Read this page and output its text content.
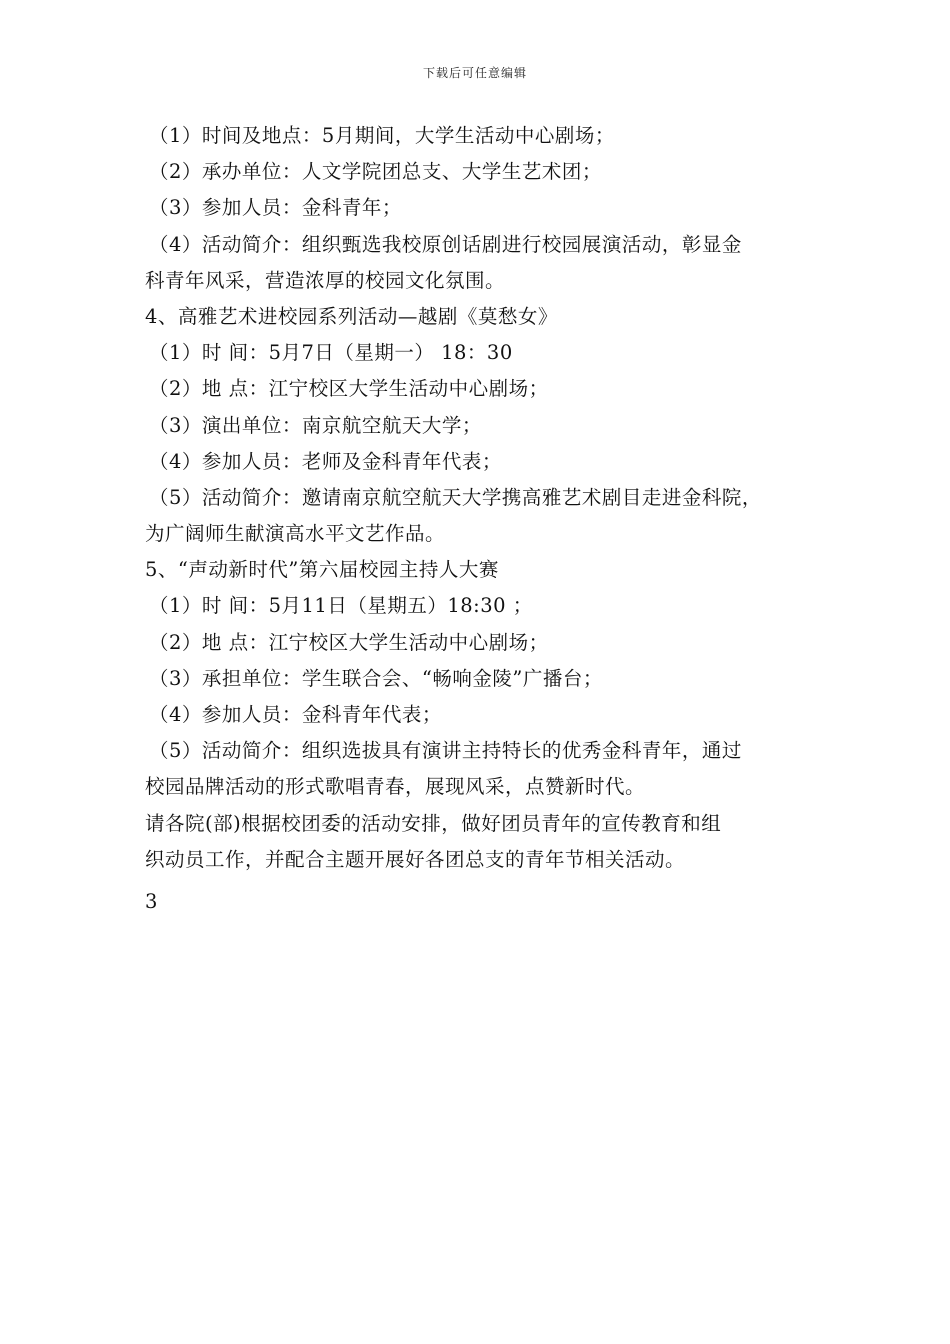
下载后可任意编辑
（1）时间及地点：5月期间，大学生活动中心剧场；
（2）承办单位：人文学院团总支、大学生艺术团；
（3）参加人员：金科青年；
（4）活动简介：组织甄选我校原创话剧进行校园展演活动，彰显金
科青年风采，营造浓厚的校园文化氛围。
4、高雅艺术进校园系列活动—越剧《莫愁女》
（1）时 间：5月7日（星期一） 18：30
（2）地 点：江宁校区大学生活动中心剧场；
（3）演出单位：南京航空航天大学；
（4）参加人员：老师及金科青年代表；
（5）活动简介：邀请南京航空航天大学携高雅艺术剧目走进金科院，
为广阔师生献演高水平文艺作品。
5、“声动新时代”第六届校园主持人大赛
（1）时 间：5月11日（星期五）18:30 ；
（2）地 点：江宁校区大学生活动中心剧场；
（3）承担单位：学生联合会、“畅响金陵”广播台；
（4）参加人员：金科青年代表；
（5）活动简介：组织选拔具有演讲主持特长的优秀金科青年，通过
校园品牌活动的形式歌唱青春，展现风采，点赞新时代。
请各院(部)根据校团委的活动安排，做好团员青年的宣传教育和组
织动员工作，并配合主题开展好各团总支的青年节相关活动。
3
